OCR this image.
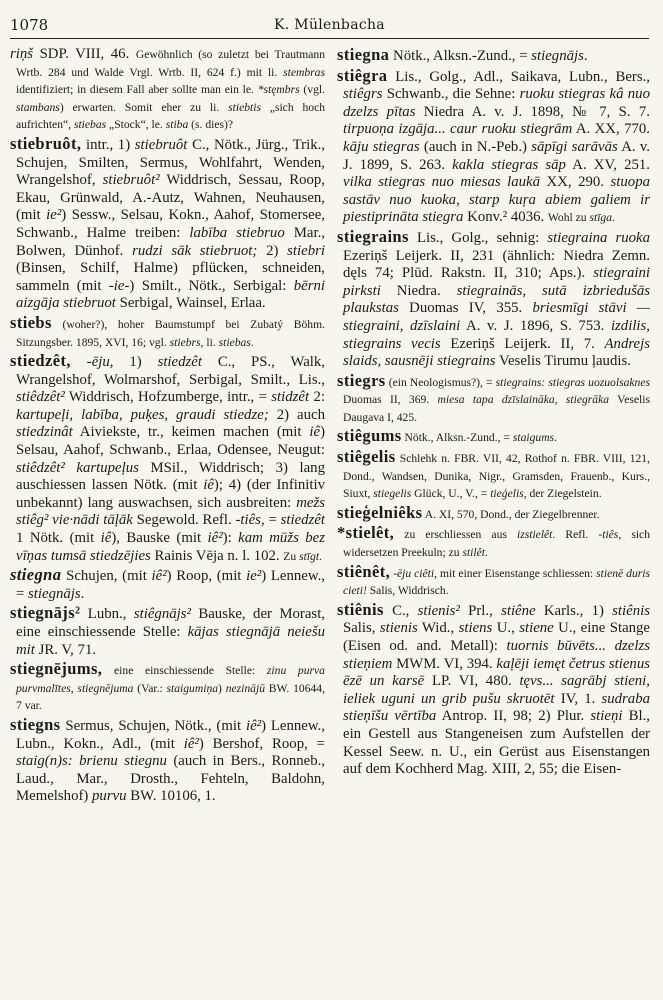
1078	K. Mülenbacha

riņš SDP. VIII, 46. Gewöhnlich (so zuletzt bei Trautmann Wrtb. 284 und Walde Vrgl. Wrtb. II, 624 f.) mit li. stembras identifiziert; in diesem Fall aber sollte man ein le. *stęmbrs (vgl. stambans) erwarten. Somit eher zu li. stiebtis „sich hoch aufrichten“, stiebas „Stock“, le. stiba (s. dies)?

stiebruôt, intr., 1) stiebruôt C., Nötk., Jürg., Trik., Schujen, Smilten, Sermus, Wohlfahrt, Wenden, Wrangelshof, stiebruôt² Widdrisch, Sessau, Roop, Ekau, Grünwald, A.-Autz, Wahnen, Neuhausen, (mit ie²) Sessw., Selsau, Kokn., Aahof, Stomersee, Schwanb., Halme treiben: labība stiebruo Mar., Bolwen, Dünhof. rudzi sāk stiebruot; 2) stiebri (Binsen, Schilf, Halme) pflücken, schneiden, sammeln (mit -ie-) Smilt., Nötk., Serbigal: bērni aizgāja stiebruot Serbigal, Wainsel, Erlaa.

stiebs (woher?), hoher Baumstumpf bei Zubatý Böhm. Sitzungsber. 1895, XVI, 16; vgl. stiebrs, li. stiebas.

stiedzêt, -ēju, 1) stiedzêt C., PS., Walk, Wrangelshof, Wolmarshof, Serbigal, Smilt., Lis., stiêdzêt² Widdrisch, Hofzumberge, intr., = stidzêt 2: kartupeļi, labība, puķes, graudi stiedze; 2) auch stiedzinât Aiviekste, tr., keimen machen (mit iê) Selsau, Aahof, Schwanb., Erlaa, Odensee, Neugut: stiêdzêt² kartupeļus MSil., Widdrisch; 3) lang auschiessen lassen Nötk. (mit iê); 4) (der Infinitiv unbekannt) lang auswachsen, sich ausbreiten: mežs stiêg² vie·nādi tāļāk Segewold. Refl. -tiês, = stiedzêt 1 Nötk. (mit iê), Bauske (mit iê²): kam mūžs bez vīņas tumsā stiedzējies Rainis Vēja n. l. 102. Zu stīgt.

stiegna Schujen, (mit iê²) Roop, (mit ie²) Lennew., = stiegnājs.

stiegnājs² Lubn., stiêgnājs² Bauske, der Morast, eine einschiessende Stelle: kājas stiegnājā neiešu mit JR. V, 71.

stiegnējums, eine einschiessende Stelle: zinu purva purvmalītes, stiegnējuma (Var.: staigumiņa) nezinājū BW. 10644, 7 var.

stiegns Sermus, Schujen, Nötk., (mit iê²) Lennew., Lubn., Kokn., Adl., (mit iê²) Bershof, Roop, = staig(n)s: brienu stiegnu (auch in Bers., Ronneb., Laud., Mar., Drosth., Fehteln, Baldohn, Memelshof) purvu BW. 10106, 1.

stiegna Nötk., Alksn.-Zund., = stiegnājs.

stiêgra Lis., Golg., Adl., Saikava, Lubn., Bers., stiêgrs Schwanb., die Sehne: ruoku stiegras kâ nuo dzelzs pītas Niedra A. v. J. 1898, № 7, S. 7. tirpuoņa izgāja... caur ruoku stiegrām A. XX, 770. kāju stiegras (auch in N.-Peb.) sāpīgi sarāvās A. v. J. 1899, S. 263. kakla stiegras sāp A. XV, 251. vilka stiegras nuo miesas laukā XX, 290. stuopa sastāv nuo kuoka, starp kuŗa abiem galiem ir piestiprināta stiegra Konv.² 4036. Wohl zu stīga.

stiegrains Lis., Golg., sehnig: stiegraina ruoka Ezeriņš Leijerk. II, 231 (ähnlich: Niedra Zemn. dęls 74; Plūd. Rakstn. II, 310; Aps.). stiegraini pirksti Niedra. stiegrainās, sutā izbriedušās plaukstas Duomas IV, 355. briesmīgi stāvi — stiegraini, dzīslaini A. v. J. 1896, S. 753. izdilis, stiegrains vecis Ezeriņš Leijerk. II, 7. Andrejs slaids, sausnēji stiegrains Veselis Tirumu ļaudis.

stiegrs (ein Neologismus?), = stiegrains: stiegras uozuolsaknes Duomas II, 369. miesa tapa dzīslaināka, stiegrāka Veselis Daugava I, 425.

stiêgums Nötk., Alksn.-Zund., = staigums.

stiêgelis Schlehk n. FBR. VII, 42, Rothof n. FBR. VIII, 121, Dond., Wandsen, Dunika, Nigr., Gramsden, Frauenb., Kurs., Siuxt, stiegelis Glück, U., V., = tieģelis, der Ziegelstein.

stieģelniêks A. XI, 570, Dond., der Ziegelbrenner.

*stielêt, zu erschliessen aus izstielêt. Refl. -tiês, sich widersetzen Preekuln; zu stilêt.

stiênêt, -ēju ciêti, mit einer Eisenstange schliessen: stienē duris cieti! Salis, Widdrisch.

stiênis C., stienis² Prl., stiêne Karls., 1) stiênis Salis, stienis Wid., stiens U., stiene U., eine Stange (Eisen od. and. Metall): tuornis būvēts... dzelzs stieņiem MWM. VI, 394. kaļēji iemęt četrus stienus ēzē un karsē LP. VI, 480. tęvs... sagrābj stieni, ieliek uguni un grib pušu skruotēt IV, 1. sudraba stieņīšu vērtība Antrop. II, 98; 2) Plur. stieņi Bl., ein Gestell aus Stangeneisen zum Aufstellen der Kessel Seew. n. U., ein Gerüst aus Eisenstangen auf dem Kochherd Mag. XIII, 2, 55; die Eisen-
